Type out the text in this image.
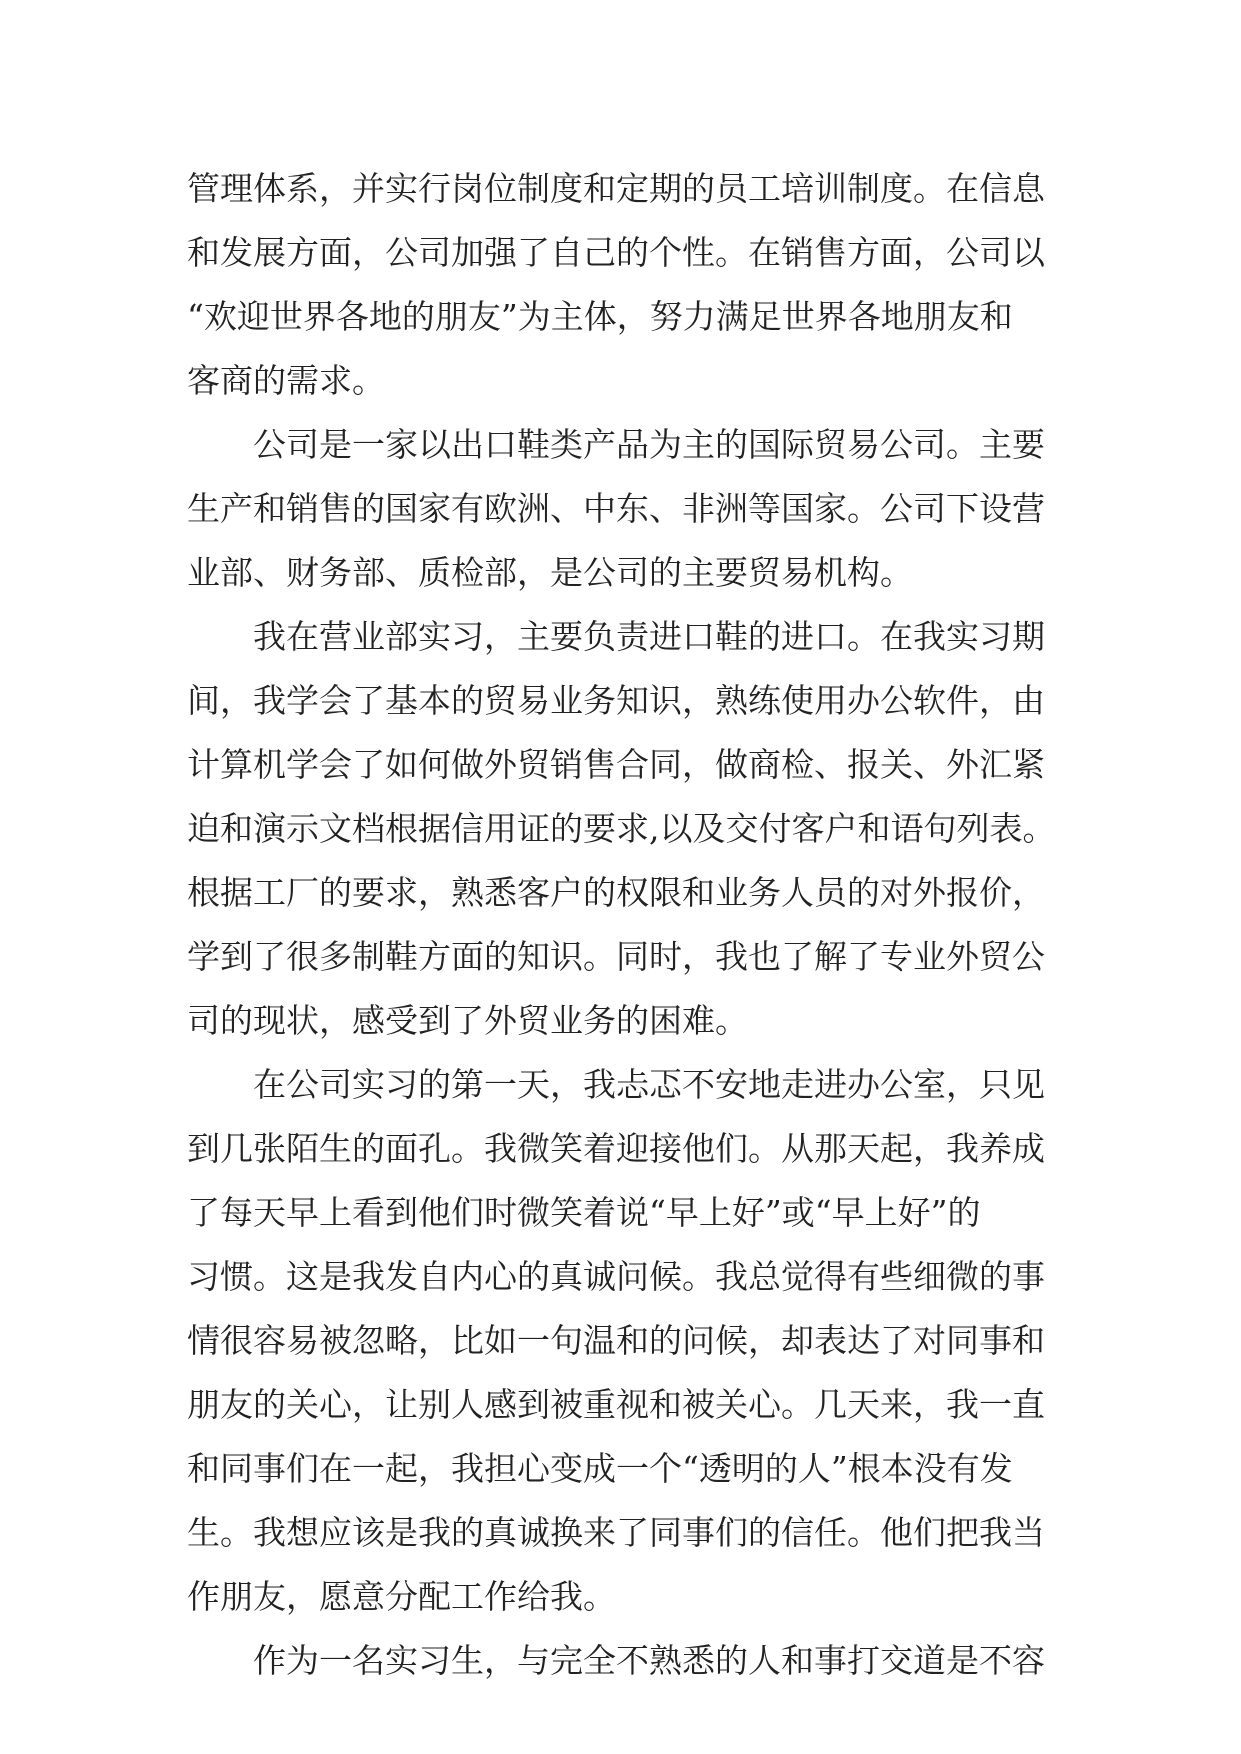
管理体系，并实行岗位制度和定期的员工培训制度。在信息
和发展方面，公司加强了自己的个性。在销售方面，公司以
“欢迎世界各地的朋友”为主体，努力满足世界各地朋友和
客商的需求。
公司是一家以出口鞋类产品为主的国际贸易公司。主要
生产和销售的国家有欧洲、中东、非洲等国家。公司下设营
业部、财务部、质检部，是公司的主要贸易机构。
我在营业部实习，主要负责进口鞋的进口。在我实习期
间，我学会了基本的贸易业务知识，熟练使用办公软件，由
计算机学会了如何做外贸销售合同，做商检、报关、外汇紧
迫和演示文档根据信用证的要求,以及交付客户和语句列表。
根据工厂的要求，熟悉客户的权限和业务人员的对外报价，
学到了很多制鞋方面的知识。同时，我也了解了专业外贸公
司的现状，感受到了外贸业务的困难。
在公司实习的第一天，我忐忑不安地走进办公室，只见
到几张陌生的面孔。我微笑着迎接他们。从那天起，我养成
了每天早上看到他们时微笑着说“早上好”或“早上好”的
习惯。这是我发自内心的真诚问候。我总觉得有些细微的事
情很容易被忽略，比如一句温和的问候，却表达了对同事和
朋友的关心，让别人感到被重视和被关心。几天来，我一直
和同事们在一起，我担心变成一个“透明的人”根本没有发
生。我想应该是我的真诚换来了同事们的信任。他们把我当
作朋友，愿意分配工作给我。
作为一名实习生，与完全不熟悉的人和事打交道是不容
